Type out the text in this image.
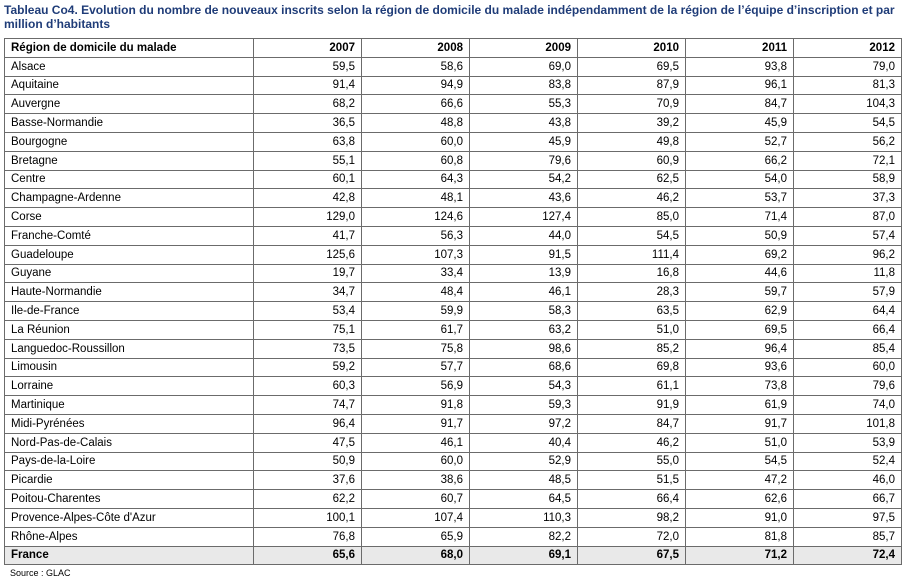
Tableau Co4. Evolution du nombre de nouveaux inscrits selon la région de domicile du malade indépendamment de la région de l’équipe d’inscription et par million d’habitants
Région de domicile du malade	2007	2008	2009	2010	2011	2012
Alsace	59,5	58,6	69,0	69,5	93,8	79,0
Aquitaine	91,4	94,9	83,8	87,9	96,1	81,3
Auvergne	68,2	66,6	55,3	70,9	84,7	104,3
Basse-Normandie	36,5	48,8	43,8	39,2	45,9	54,5
Bourgogne	63,8	60,0	45,9	49,8	52,7	56,2
Bretagne	55,1	60,8	79,6	60,9	66,2	72,1
Centre	60,1	64,3	54,2	62,5	54,0	58,9
Champagne-Ardenne	42,8	48,1	43,6	46,2	53,7	37,3
Corse	129,0	124,6	127,4	85,0	71,4	87,0
Franche-Comté	41,7	56,3	44,0	54,5	50,9	57,4
Guadeloupe	125,6	107,3	91,5	111,4	69,2	96,2
Guyane	19,7	33,4	13,9	16,8	44,6	11,8
Haute-Normandie	34,7	48,4	46,1	28,3	59,7	57,9
Ile-de-France	53,4	59,9	58,3	63,5	62,9	64,4
La Réunion	75,1	61,7	63,2	51,0	69,5	66,4
Languedoc-Roussillon	73,5	75,8	98,6	85,2	96,4	85,4
Limousin	59,2	57,7	68,6	69,8	93,6	60,0
Lorraine	60,3	56,9	54,3	61,1	73,8	79,6
Martinique	74,7	91,8	59,3	91,9	61,9	74,0
Midi-Pyrénées	96,4	91,7	97,2	84,7	91,7	101,8
Nord-Pas-de-Calais	47,5	46,1	40,4	46,2	51,0	53,9
Pays-de-la-Loire	50,9	60,0	52,9	55,0	54,5	52,4
Picardie	37,6	38,6	48,5	51,5	47,2	46,0
Poitou-Charentes	62,2	60,7	64,5	66,4	62,6	66,7
Provence-Alpes-Côte d'Azur	100,1	107,4	110,3	98,2	91,0	97,5
Rhône-Alpes	76,8	65,9	82,2	72,0	81,8	85,7
France	65,6	68,0	69,1	67,5	71,2	72,4
Source : GLAC
